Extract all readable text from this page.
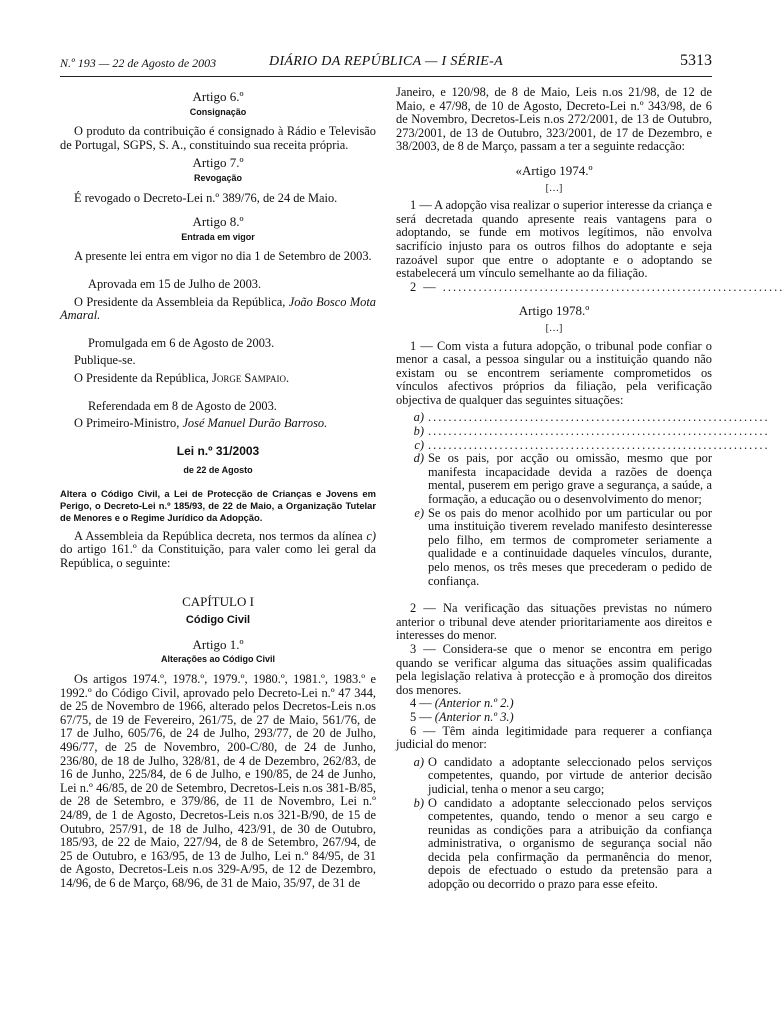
N.º 193 — 22 de Agosto de 2003	DIÁRIO DA REPÚBLICA — I SÉRIE-A	5313

Artigo 6.º

Consignação

O produto da contribuição é consignado à Rádio e Televisão de Portugal, SGPS, S. A., constituindo sua receita própria.

Artigo 7.º

Revogação

É revogado o Decreto-Lei n.º 389/76, de 24 de Maio.

Artigo 8.º

Entrada em vigor

A presente lei entra em vigor no dia 1 de Setembro de 2003.

Aprovada em 15 de Julho de 2003.

O Presidente da Assembleia da República, João Bosco Mota Amaral.

Promulgada em 6 de Agosto de 2003.

Publique-se.

O Presidente da República, Jorge Sampaio.

Referendada em 8 de Agosto de 2003.

O Primeiro-Ministro, José Manuel Durão Barroso.

Lei n.º 31/2003

de 22 de Agosto

Altera o Código Civil, a Lei de Protecção de Crianças e Jovens em Perigo, o Decreto-Lei n.º 185/93, de 22 de Maio, a Organização Tutelar de Menores e o Regime Jurídico da Adopção.

A Assembleia da República decreta, nos termos da alínea c) do artigo 161.º da Constituição, para valer como lei geral da República, o seguinte:

CAPÍTULO I

Código Civil

Artigo 1.º

Alterações ao Código Civil

Os artigos 1974.º, 1978.º, 1979.º, 1980.º, 1981.º, 1983.º e 1992.º do Código Civil, aprovado pelo Decreto-Lei n.º 47 344, de 25 de Novembro de 1966, alterado pelos Decretos-Leis n.os 67/75, de 19 de Fevereiro, 261/75, de 27 de Maio, 561/76, de 17 de Julho, 605/76, de 24 de Julho, 293/77, de 20 de Julho, 496/77, de 25 de Novembro, 200-C/80, de 24 de Junho, 236/80, de 18 de Julho, 328/81, de 4 de Dezembro, 262/83, de 16 de Junho, 225/84, de 6 de Julho, e 190/85, de 24 de Junho, Lei n.º 46/85, de 20 de Setembro, Decretos-Leis n.os 381-B/85, de 28 de Setembro, e 379/86, de 11 de Novembro, Lei n.º 24/89, de 1 de Agosto, Decretos-Leis n.os 321-B/90, de 15 de Outubro, 257/91, de 18 de Julho, 423/91, de 30 de Outubro, 185/93, de 22 de Maio, 227/94, de 8 de Setembro, 267/94, de 25 de Outubro, e 163/95, de 13 de Julho, Lei n.º 84/95, de 31 de Agosto, Decretos-Leis n.os 329-A/95, de 12 de Dezembro, 14/96, de 6 de Março, 68/96, de 31 de Maio, 35/97, de 31 de

Janeiro, e 120/98, de 8 de Maio, Leis n.os 21/98, de 12 de Maio, e 47/98, de 10 de Agosto, Decreto-Lei n.º 343/98, de 6 de Novembro, Decretos-Leis n.os 272/2001, de 13 de Outubro, 273/2001, de 13 de Outubro, 323/2001, de 17 de Dezembro, e 38/2003, de 8 de Março, passam a ter a seguinte redacção:

«Artigo 1974.º

[…]

1 — A adopção visa realizar o superior interesse da criança e será decretada quando apresente reais vantagens para o adoptando, se funde em motivos legítimos, não envolva sacrifício injusto para os outros filhos do adoptante e seja razoável supor que entre o adoptante e o adoptando se estabelecerá um vínculo semelhante ao da filiação.

2 — ...................................................................

Artigo 1978.º

[…]

1 — Com vista a futura adopção, o tribunal pode confiar o menor a casal, a pessoa singular ou a instituição quando não existam ou se encontrem seriamente comprometidos os vínculos afectivos próprios da filiação, pela verificação objectiva de qualquer das seguintes situações:

a) ...................................................................
b) ...................................................................
c) ...................................................................
d) Se os pais, por acção ou omissão, mesmo que por manifesta incapacidade devida a razões de doença mental, puserem em perigo grave a segurança, a saúde, a formação, a educação ou o desenvolvimento do menor;
e) Se os pais do menor acolhido por um particular ou por uma instituição tiverem revelado manifesto desinteresse pelo filho, em termos de comprometer seriamente a qualidade e a continuidade daqueles vínculos, durante, pelo menos, os três meses que precederam o pedido de confiança.

2 — Na verificação das situações previstas no número anterior o tribunal deve atender prioritariamente aos direitos e interesses do menor.

3 — Considera-se que o menor se encontra em perigo quando se verificar alguma das situações assim qualificadas pela legislação relativa à protecção e à promoção dos direitos dos menores.

4 — (Anterior n.º 2.)

5 — (Anterior n.º 3.)

6 — Têm ainda legitimidade para requerer a confiança judicial do menor:

a) O candidato a adoptante seleccionado pelos serviços competentes, quando, por virtude de anterior decisão judicial, tenha o menor a seu cargo;
b) O candidato a adoptante seleccionado pelos serviços competentes, quando, tendo o menor a seu cargo e reunidas as condições para a atribuição da confiança administrativa, o organismo de segurança social não decida pela confirmação da permanência do menor, depois de efectuado o estudo da pretensão para a adopção ou decorrido o prazo para esse efeito.
